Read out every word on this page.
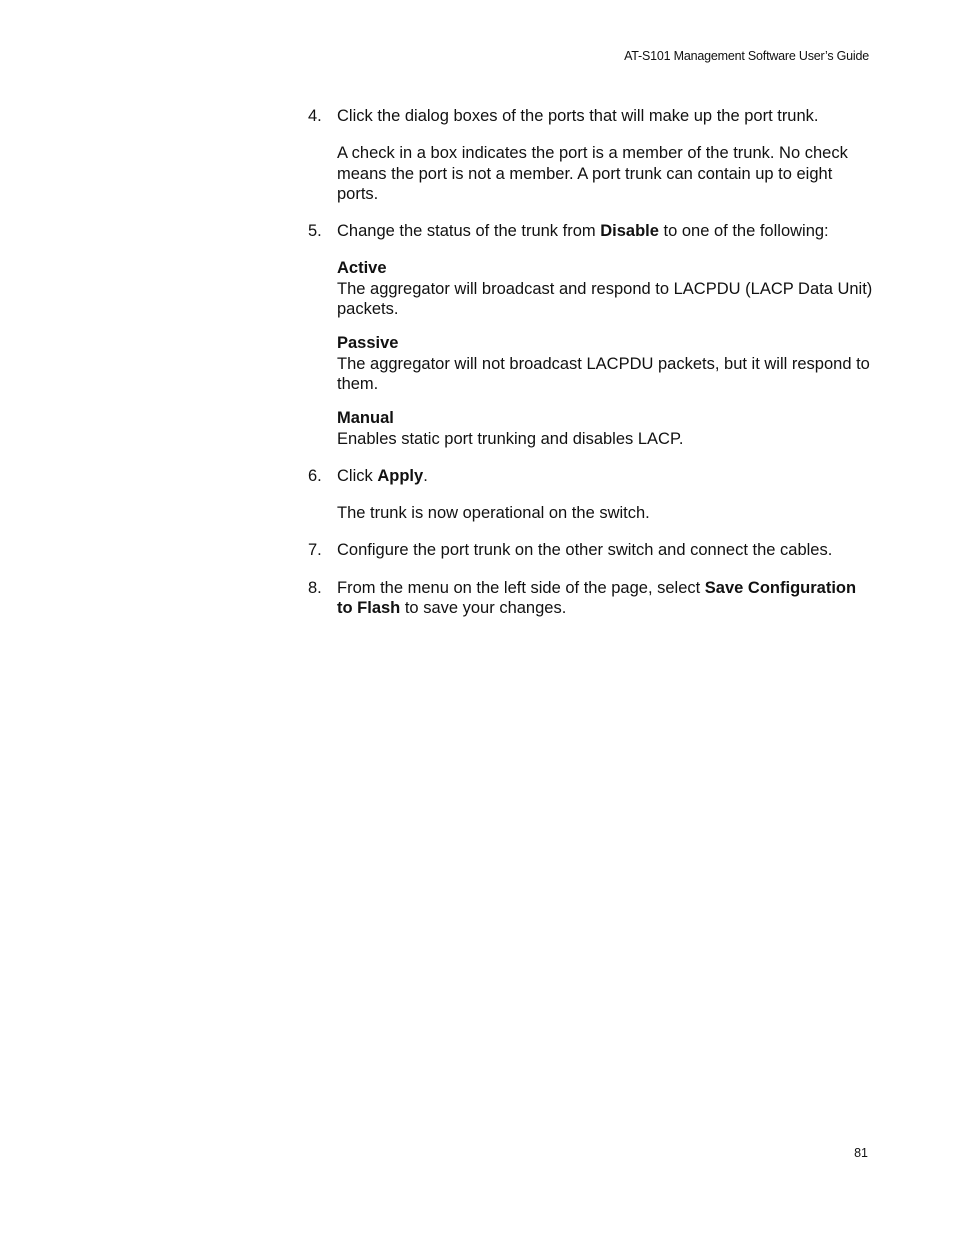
AT-S101 Management Software User’s Guide
4. Click the dialog boxes of the ports that will make up the port trunk.
A check in a box indicates the port is a member of the trunk. No check means the port is not a member. A port trunk can contain up to eight ports.
5. Change the status of the trunk from Disable to one of the following:
Active
The aggregator will broadcast and respond to LACPDU (LACP Data Unit) packets.
Passive
The aggregator will not broadcast LACPDU packets, but it will respond to them.
Manual
Enables static port trunking and disables LACP.
6. Click Apply.
The trunk is now operational on the switch.
7. Configure the port trunk on the other switch and connect the cables.
8. From the menu on the left side of the page, select Save Configuration to Flash to save your changes.
81
